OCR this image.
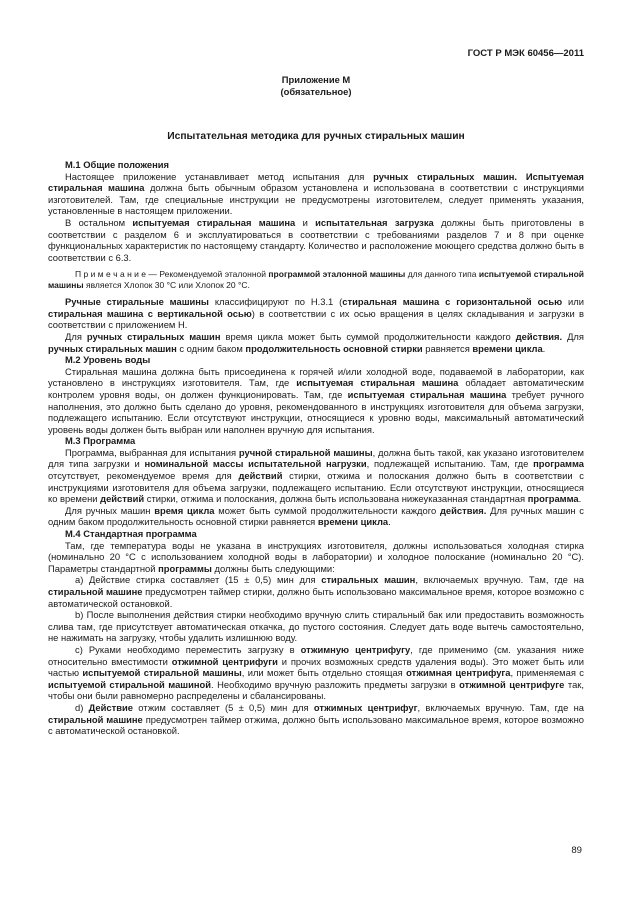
ГОСТ Р МЭК 60456—2011
Приложение М
(обязательное)
Испытательная методика для ручных стиральных машин
М.1 Общие положения
Настоящее приложение устанавливает метод испытания для ручных стиральных машин. Испытуемая стиральная машина должна быть обычным образом установлена и использована в соответствии с инструкциями изготовителей. Там, где специальные инструкции не предусмотрены изготовителем, следует применять указания, установленные в настоящем приложении.
В остальном испытуемая стиральная машина и испытательная загрузка должны быть приготовлены в соответствии с разделом 6 и эксплуатироваться в соответствии с требованиями разделов 7 и 8 при оценке функциональных характеристик по настоящему стандарту. Количество и расположение моющего средства должно быть в соответствии с 6.3.
П р и м е ч а н и е — Рекомендуемой эталонной программой эталонной машины для данного типа испытуемой стиральной машины является Хлопок 30 °С или Хлопок 20 °С.
Ручные стиральные машины классифицируют по Н.3.1 (стиральная машина с горизонтальной осью или стиральная машина с вертикальной осью) в соответствии с их осью вращения в целях складывания и загрузки в соответствии с приложением Н.
Для ручных стиральных машин время цикла может быть суммой продолжительности каждого действия. Для ручных стиральных машин с одним баком продолжительность основной стирки равняется времени цикла.
М.2 Уровень воды
Стиральная машина должна быть присоединена к горячей и/или холодной воде, подаваемой в лаборатории, как установлено в инструкциях изготовителя. Там, где испытуемая стиральная машина обладает автоматическим контролем уровня воды, он должен функционировать. Там, где испытуемая стиральная машина требует ручного наполнения, это должно быть сделано до уровня, рекомендованного в инструкциях изготовителя для объема загрузки, подлежащего испытанию. Если отсутствуют инструкции, относящиеся к уровню воды, максимальный автоматический уровень воды должен быть выбран или наполнен вручную для испытания.
М.3 Программа
Программа, выбранная для испытания ручной стиральной машины, должна быть такой, как указано изготовителем для типа загрузки и номинальной массы испытательной нагрузки, подлежащей испытанию. Там, где программа отсутствует, рекомендуемое время для действий стирки, отжима и полоскания должно быть в соответствии с инструкциями изготовителя для объема загрузки, подлежащего испытанию. Если отсутствуют инструкции, относящиеся ко времени действий стирки, отжима и полоскания, должна быть использована нижеуказанная стандартная программа.
Для ручных машин время цикла может быть суммой продолжительности каждого действия. Для ручных машин с одним баком продолжительность основной стирки равняется времени цикла.
М.4 Стандартная программа
Там, где температура воды не указана в инструкциях изготовителя, должны использоваться холодная стирка (номинально 20 °С с использованием холодной воды в лаборатории) и холодное полоскание (номинально 20 °С). Параметры стандартной программы должны быть следующими:
a) Действие стирка составляет (15 ± 0,5) мин для стиральных машин, включаемых вручную. Там, где на стиральной машине предусмотрен таймер стирки, должно быть использовано максимальное время, которое возможно с автоматической остановкой.
b) После выполнения действия стирки необходимо вручную слить стиральный бак или предоставить возможность слива там, где присутствует автоматическая откачка, до пустого состояния. Следует дать воде вытечь самостоятельно, не нажимать на загрузку, чтобы удалить излишнюю воду.
c) Руками необходимо переместить загрузку в отжимную центрифугу, где применимо (см. указания ниже относительно вместимости отжимной центрифуги и прочих возможных средств удаления воды). Это может быть или частью испытуемой стиральной машины, или может быть отдельно стоящая отжимная центрифуга, применяемая с испытуемой стиральной машиной. Необходимо вручную разложить предметы загрузки в отжимной центрифуге так, чтобы они были равномерно распределены и сбалансированы.
d) Действие отжим составляет (5 ± 0,5) мин для отжимных центрифуг, включаемых вручную. Там, где на стиральной машине предусмотрен таймер отжима, должно быть использовано максимальное время, которое возможно с автоматической остановкой.
89
